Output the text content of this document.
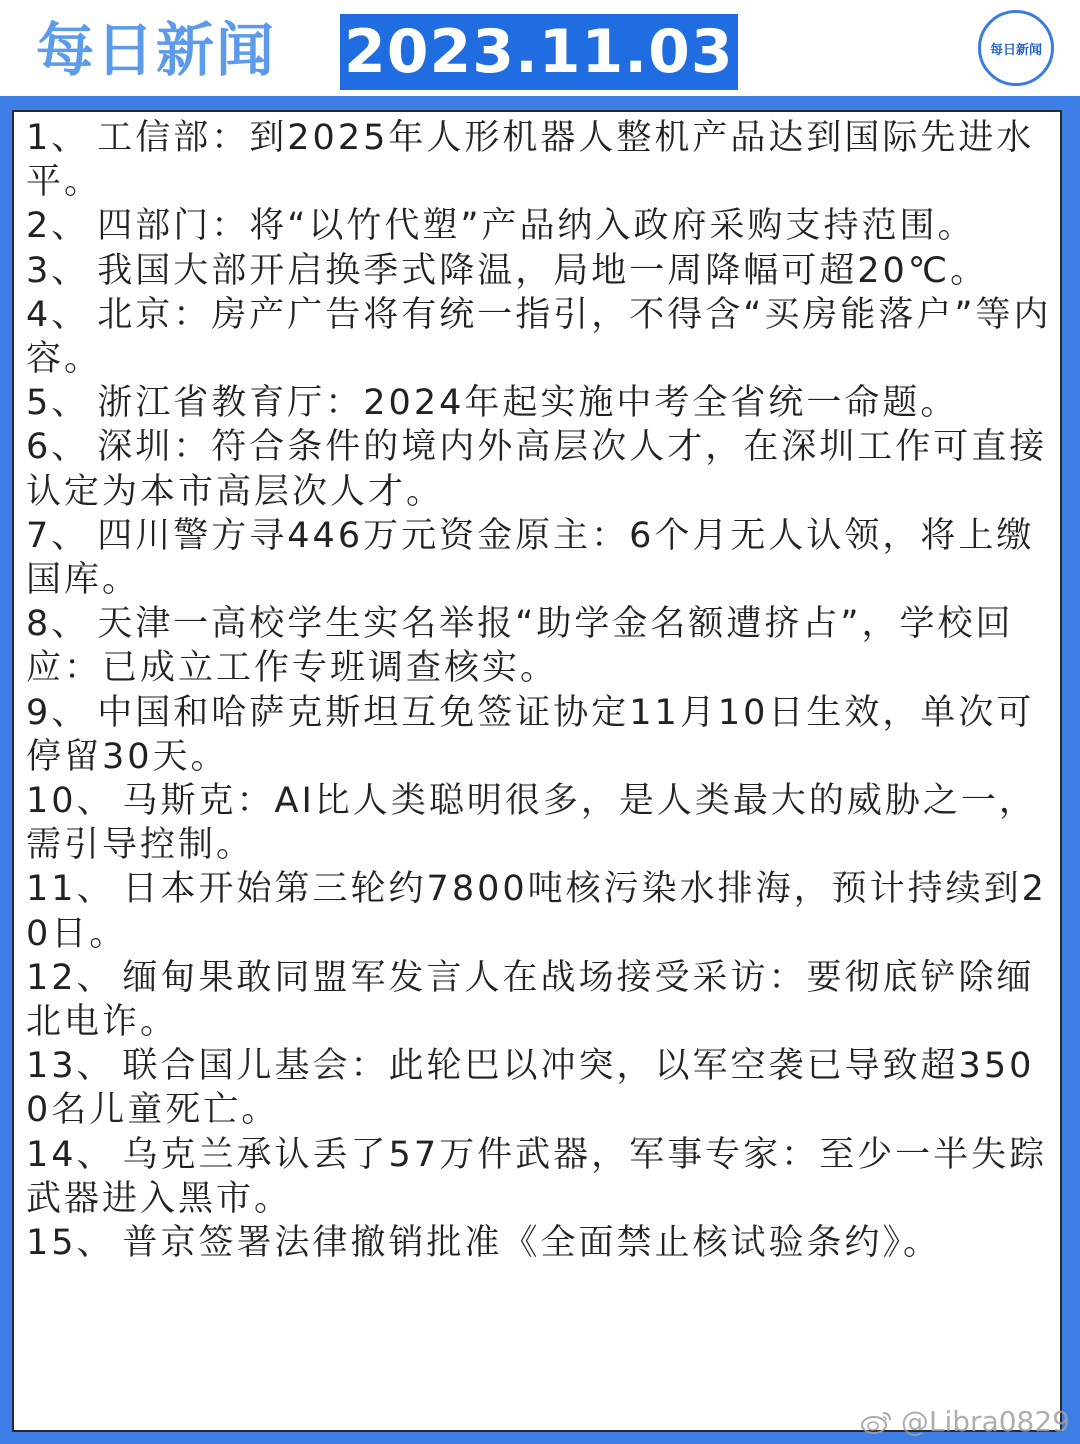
每日新闻 2023.11.03	每日新闻
1、 工信部：到2025年人形机器人整机产品达到国际先进水平。
2、 四部门：将“以竹代塑”产品纳入政府采购支持范围。
3、 我国大部开启换季式降温，局地一周降幅可超20℃。
4、 北京：房产广告将有统一指引，不得含“买房能落户”等内容。
5、 浙江省教育厅：2024年起实施中考全省统一命题。
6、 深圳：符合条件的境内外高层次人才，在深圳工作可直接认定为本市高层次人才。
7、 四川警方寻446万元资金原主：6个月无人认领，将上缴国库。
8、 天津一高校学生实名举报“助学金名额遭挤占”，学校回应：已成立工作专班调查核实。
9、 中国和哈萨克斯坦互免签证协定11月10日生效，单次可停留30天。
10、 马斯克：AI比人类聪明很多，是人类最大的威胁之一，需引导控制。
11、 日本开始第三轮约7800吨核污染水排海，预计持续到20日。
12、 缅甸果敢同盟军发言人在战场接受采访：要彻底铲除缅北电诈。
13、 联合国儿基会：此轮巴以冲突，以军空袭已导致超3500名儿童死亡。
14、 乌克兰承认丢了57万件武器，军事专家：至少一半失踪武器进入黑市。
15、 普京签署法律撤销批准《全面禁止核试验条约》。
@Libra0829
